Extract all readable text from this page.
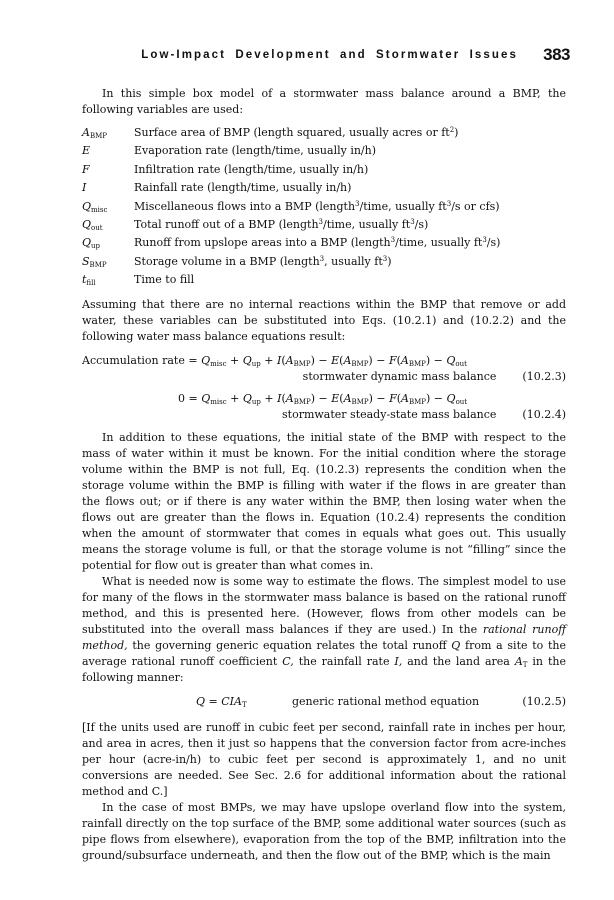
Low-Impact Development and Stormwater Issues 383

In this simple box model of a stormwater mass balance around a BMP, the following variables are used:

$A_{BMP}$	Surface area of BMP (length squared, usually acres or $ft^2$)
E	Evaporation rate (length/time, usually in/h)
F	Infiltration rate (length/time, usually in/h)
I	Rainfall rate (length/time, usually in/h)
$Q_{misc}$	Miscellaneous flows into a BMP (length$^3$/time, usually $ft^3/s$ or cfs)
$Q_{out}$	Total runoff out of a BMP (length$^3$/time, usually $ft^3/s$)
$Q_{up}$	Runoff from upslope areas into a BMP (length$^3$/time, usually $ft^3/s$)
$S_{BMP}$	Storage volume in a BMP (length$^3$, usually $ft^3$)
$t_{fill}$	Time to fill

Assuming that there are no internal reactions within the BMP that remove or add water, these variables can be substituted into Eqs. (10.2.1) and (10.2.2) and the following water mass balance equations result:

Accumulation rate = $Q_{misc} + Q_{up} + I(A_{BMP}) - E(A_{BMP}) - F(A_{BMP}) - Q_{out}$
stormwater dynamic mass balance (10.2.3)
$0 = Q_{misc} + Q_{up} + I(A_{BMP}) - E(A_{BMP}) - F(A_{BMP}) - Q_{out}$
stormwater steady-state mass balance (10.2.4)

In addition to these equations, the initial state of the BMP with respect to the mass of water within it must be known. For the initial condition where the storage volume within the BMP is not full, Eq. (10.2.3) represents the condition when the storage volume within the BMP is filling with water if the flows in are greater than the flows out; or if there is any water within the BMP, then losing water when the flows out are greater than the flows in. Equation (10.2.4) represents the condition when the amount of stormwater that comes in equals what goes out. This usually means the storage volume is full, or that the storage volume is not “filling” since the potential for flow out is greater than what comes in.

What is needed now is some way to estimate the flows. The simplest model to use for many of the flows in the stormwater mass balance is based on the rational runoff method, and this is presented here. (However, flows from other models can be substituted into the overall mass balances if they are used.) In the rational runoff method, the governing generic equation relates the total runoff Q from a site to the average rational runoff coefficient C, the rainfall rate I, and the land area $A_T$ in the following manner:

$Q = CIA_T$	generic rational method equation	(10.2.5)

[If the units used are runoff in cubic feet per second, rainfall rate in inches per hour, and area in acres, then it just so happens that the conversion factor from acre-inches per hour (acre-in/h) to cubic feet per second is approximately 1, and no unit conversions are needed. See Sec. 2.6 for additional information about the rational method and C.]

In the case of most BMPs, we may have upslope overland flow into the system, rainfall directly on the top surface of the BMP, some additional water sources (such as pipe flows from elsewhere), evaporation from the top of the BMP, infiltration into the ground/subsurface underneath, and then the flow out of the BMP, which is the main
